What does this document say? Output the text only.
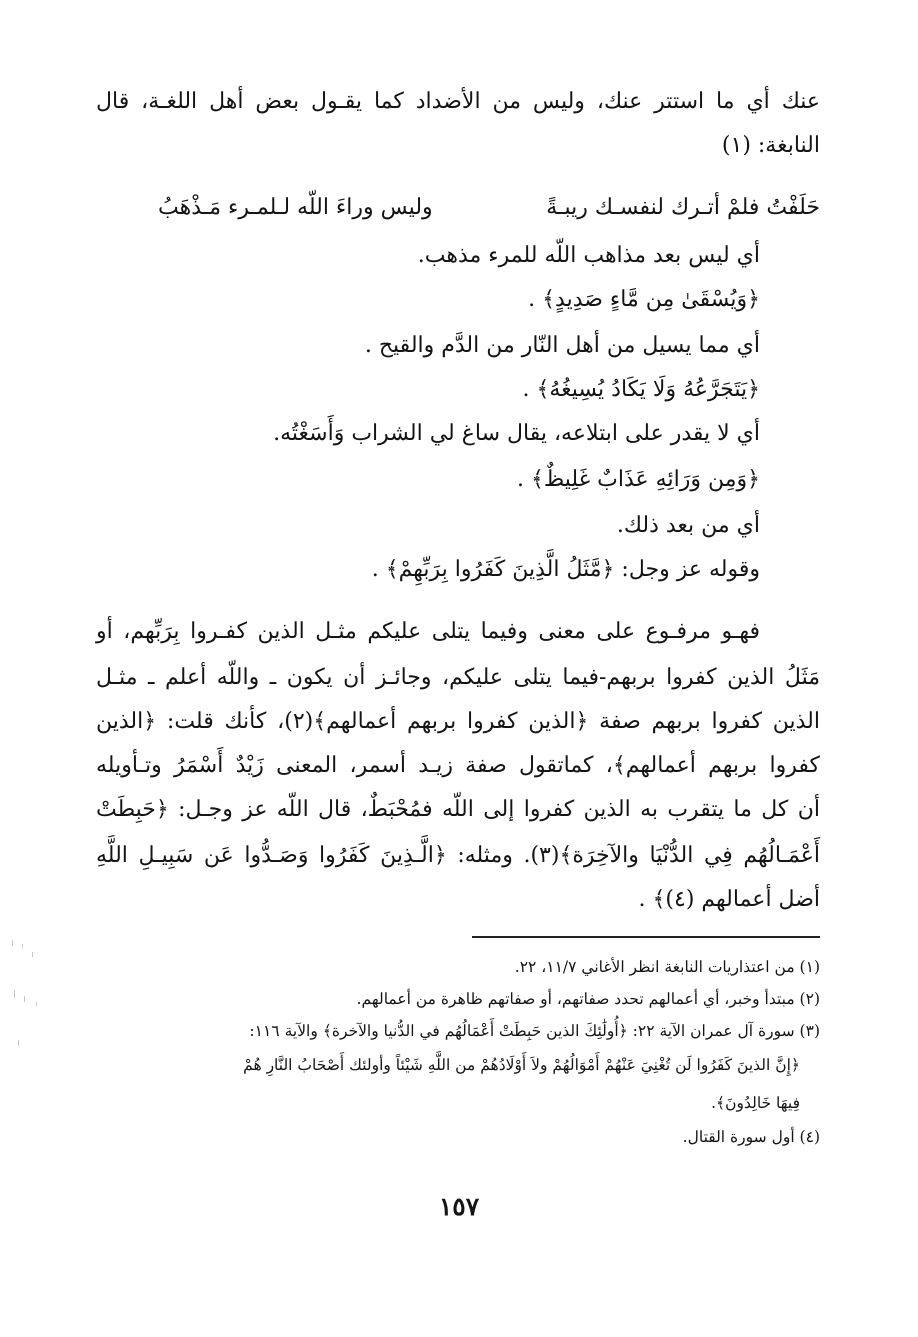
عنك أي ما استتر عنك، وليس من الأضداد كما يقـول بعض أهل اللغـة، قال
النابغة: (١)
حَلَفْتُ فلمْ أتـرك لنفسـك ريبـةً
وليس وراءَ اللّه لـلمـرء مَـذْهَبُ
أي ليس بعد مذاهب اللّه للمرء مذهب.
﴿وَيُسْقَىٰ مِن مَّاءٍ صَدِيدٍ﴾ .
أي مما يسيل من أهل النّار من الدَّم والقيح .
﴿يَتَجَرَّعُهُ وَلَا يَكَادُ يُسِيغُهُ﴾ .
أي لا يقدر على ابتلاعه، يقال ساغ لي الشراب وَأَسَغْتُه.
﴿وَمِن وَرَائِهِ عَذَابٌ غَلِيظٌ﴾ .
أي من بعد ذلك.
وقوله عز وجل: ﴿مَّثَلُ الَّذِينَ كَفَرُوا بِرَبِّهِمْ﴾ .
فهـو مرفـوع على معنى وفيما يتلى عليكم مثـل الذين كفـروا بِرَبِّهم، أو
مَثَلُ الذين كفروا بربهم-فيما يتلى عليكم، وجائـز أن يكون ـ واللّه أعلم ـ مثـل
الذين كفروا بربهم صفة ﴿الذين كفروا بربهم أعمالهم﴾(٢)، كأنك قلت: ﴿الذين
كفروا بربهم أعمالهم﴾، كماتقول صفة زيـد أسمر، المعنى زَيْدٌ أَسْمَرُ وتـأويله
أن كل ما يتقرب به الذين كفروا إلى اللّه فمُحْبَطٌ، قال اللّه عز وجـل: ﴿حَبِطَتْ
أَعْمَـالُهُم فِي الدُّنْيَا والآخِرَة﴾(٣). ومثله: ﴿الَّـذِينَ كَفَرُوا وَصَـدُّوا عَن سَبِيـلِ اللَّهِ
أضل أعمالهم (٤)﴾ .
(١) من اعتذاريات النابغة انظر الأغاني ١١/٧، ٢٢.
(٢) مبتدأ وخبر، أي أعمالهم تحدد صفاتهم، أو صفاتهم ظاهرة من أعمالهم.
(٣) سورة آل عمران الآية ٢٢: ﴿أُولَٰئِكَ الذين حَبِطَتْ أَعْمَالُهُم في الدُّنيا والآخرة﴾ والآية ١١٦:
﴿إِنَّ الذينَ كَفَرُوا لَن تُغْنِيَ عَنْهُمْ أَمْوَالُهُمْ ولاَ أَوْلَادُهُمْ من اللَّهِ شَيْئاً وأولئك أَصْحَابُ النَّارِ هُمْ
فِيهَا خَالِدُونَ﴾.
(٤) أول سورة القتال.
١٥٧
